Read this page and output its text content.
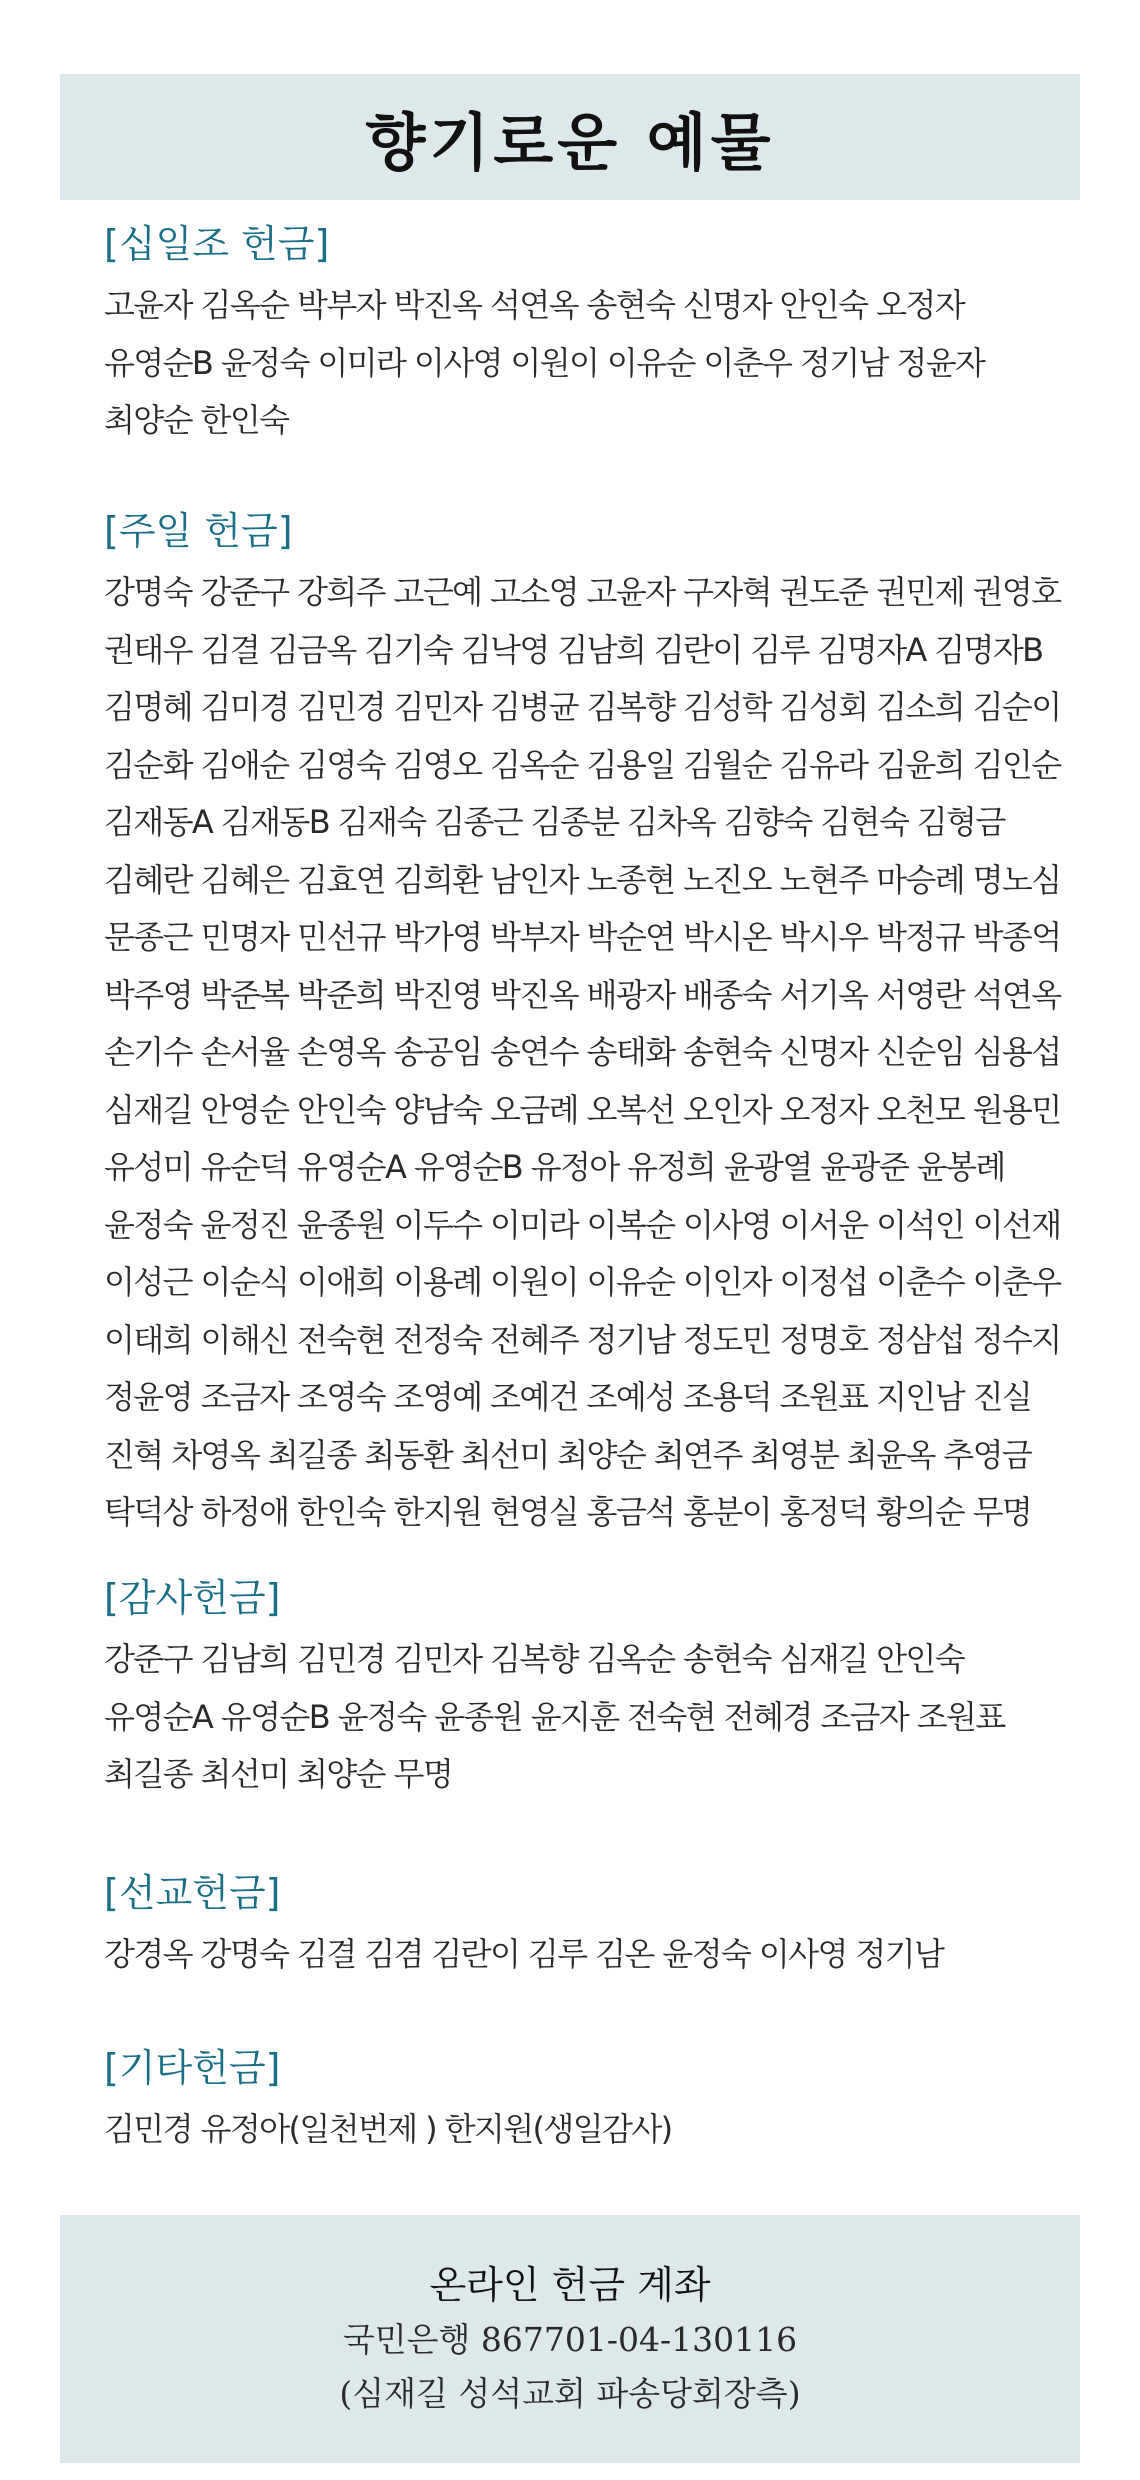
향기로운 예물
[십일조 헌금]
고윤자 김옥순 박부자 박진옥 석연옥 송현숙 신명자 안인숙 오정자
유영순B 윤정숙 이미라 이사영 이원이 이유순 이춘우 정기남 정윤자
최양순 한인숙
[주일 헌금]
강명숙 강준구 강희주 고근예 고소영 고윤자 구자혁 권도준 권민제 권영호
권태우 김결 김금옥 김기숙 김낙영 김남희 김란이 김루 김명자A 김명자B
김명혜 김미경 김민경 김민자 김병균 김복향 김성학 김성회 김소희 김순이
김순화 김애순 김영숙 김영오 김옥순 김용일 김월순 김유라 김윤희 김인순
김재동A 김재동B 김재숙 김종근 김종분 김차옥 김향숙 김현숙 김형금
김혜란 김혜은 김효연 김희환 남인자 노종현 노진오 노현주 마승례 명노심
문종근 민명자 민선규 박가영 박부자 박순연 박시온 박시우 박정규 박종억
박주영 박준복 박준희 박진영 박진옥 배광자 배종숙 서기옥 서영란 석연옥
손기수 손서율 손영옥 송공임 송연수 송태화 송현숙 신명자 신순임 심용섭
심재길 안영순 안인숙 양남숙 오금례 오복선 오인자 오정자 오천모 원용민
유성미 유순덕 유영순A 유영순B 유정아 유정희 윤광열 윤광준 윤봉례
윤정숙 윤정진 윤종원 이두수 이미라 이복순 이사영 이서운 이석인 이선재
이성근 이순식 이애희 이용례 이원이 이유순 이인자 이정섭 이춘수 이춘우
이태희 이해신 전숙현 전정숙 전혜주 정기남 정도민 정명호 정삼섭 정수지
정윤영 조금자 조영숙 조영예 조예건 조예성 조용덕 조원표 지인남 진실
진혁 차영옥 최길종 최동환 최선미 최양순 최연주 최영분 최윤옥 추영금
탁덕상 하정애 한인숙 한지원 현영실 홍금석 홍분이 홍정덕 황의순 무명
[감사헌금]
강준구 김남희 김민경 김민자 김복향 김옥순 송현숙 심재길 안인숙
유영순A 유영순B 윤정숙 윤종원 윤지훈 전숙현 전혜경 조금자 조원표
최길종 최선미 최양순 무명
[선교헌금]
강경옥 강명숙 김결 김겸 김란이 김루 김온 윤정숙 이사영 정기남
[기타헌금]
김민경 유정아(일천번제 ) 한지원(생일감사)
온라인 헌금 계좌
국민은행 867701-04-130116
(심재길 성석교회 파송당회장측)
